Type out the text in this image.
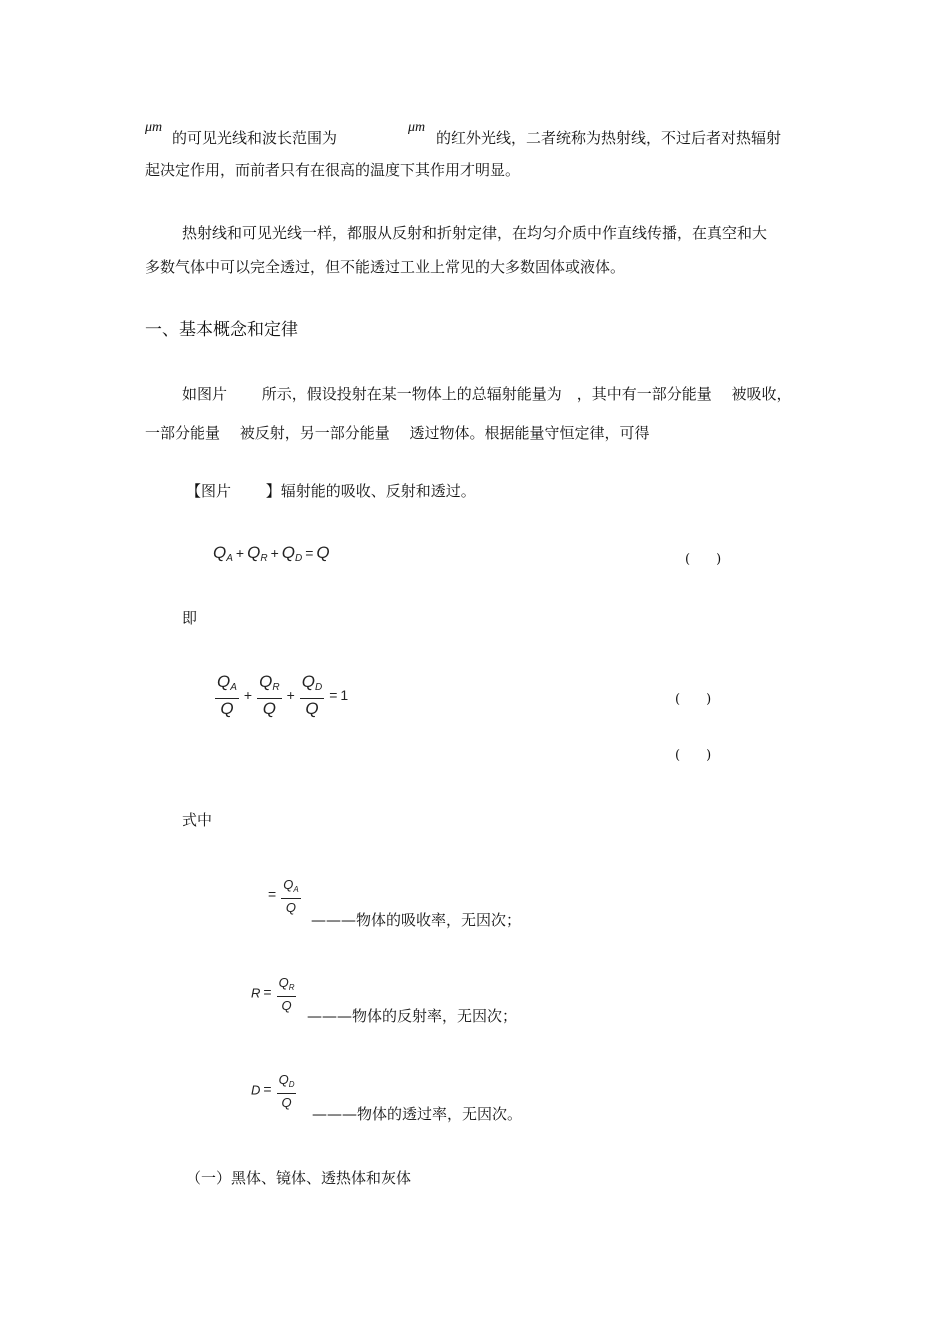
μm
的可见光线和波长范围为
μm
的红外光线，二者统称为热射线，不过后者对热辐射
起决定作用，而前者只有在很高的温度下其作用才明显。
热射线和可见光线一样，都服从反射和折射定律，在均匀介质中作直线传播，在真空和大
多数气体中可以完全透过，但不能透过工业上常见的大多数固体或液体。
一、基本概念和定律
如图片　　 所示，假设投射在某一物体上的总辐射能量为　，其中有一部分能量　 被吸收，
一部分能量　 被反射，另一部分能量　 透过物体。根据能量守恒定律，可得
【图片　　 】辐射能的吸收、反射和透过。
$Q_A + Q_R + Q_D = Q$	(　　)
即
$\frac{Q_A}{Q} + \frac{Q_R}{Q} + \frac{Q_D}{Q} = 1$	(　　)
(　　)
式中
= $\frac{Q_A}{Q}$
———物体的吸收率，无因次；
$R = \frac{Q_R}{Q}$
———物体的反射率，无因次；
$D = \frac{Q_D}{Q}$
———物体的透过率，无因次。
（一）黑体、镜体、透热体和灰体
